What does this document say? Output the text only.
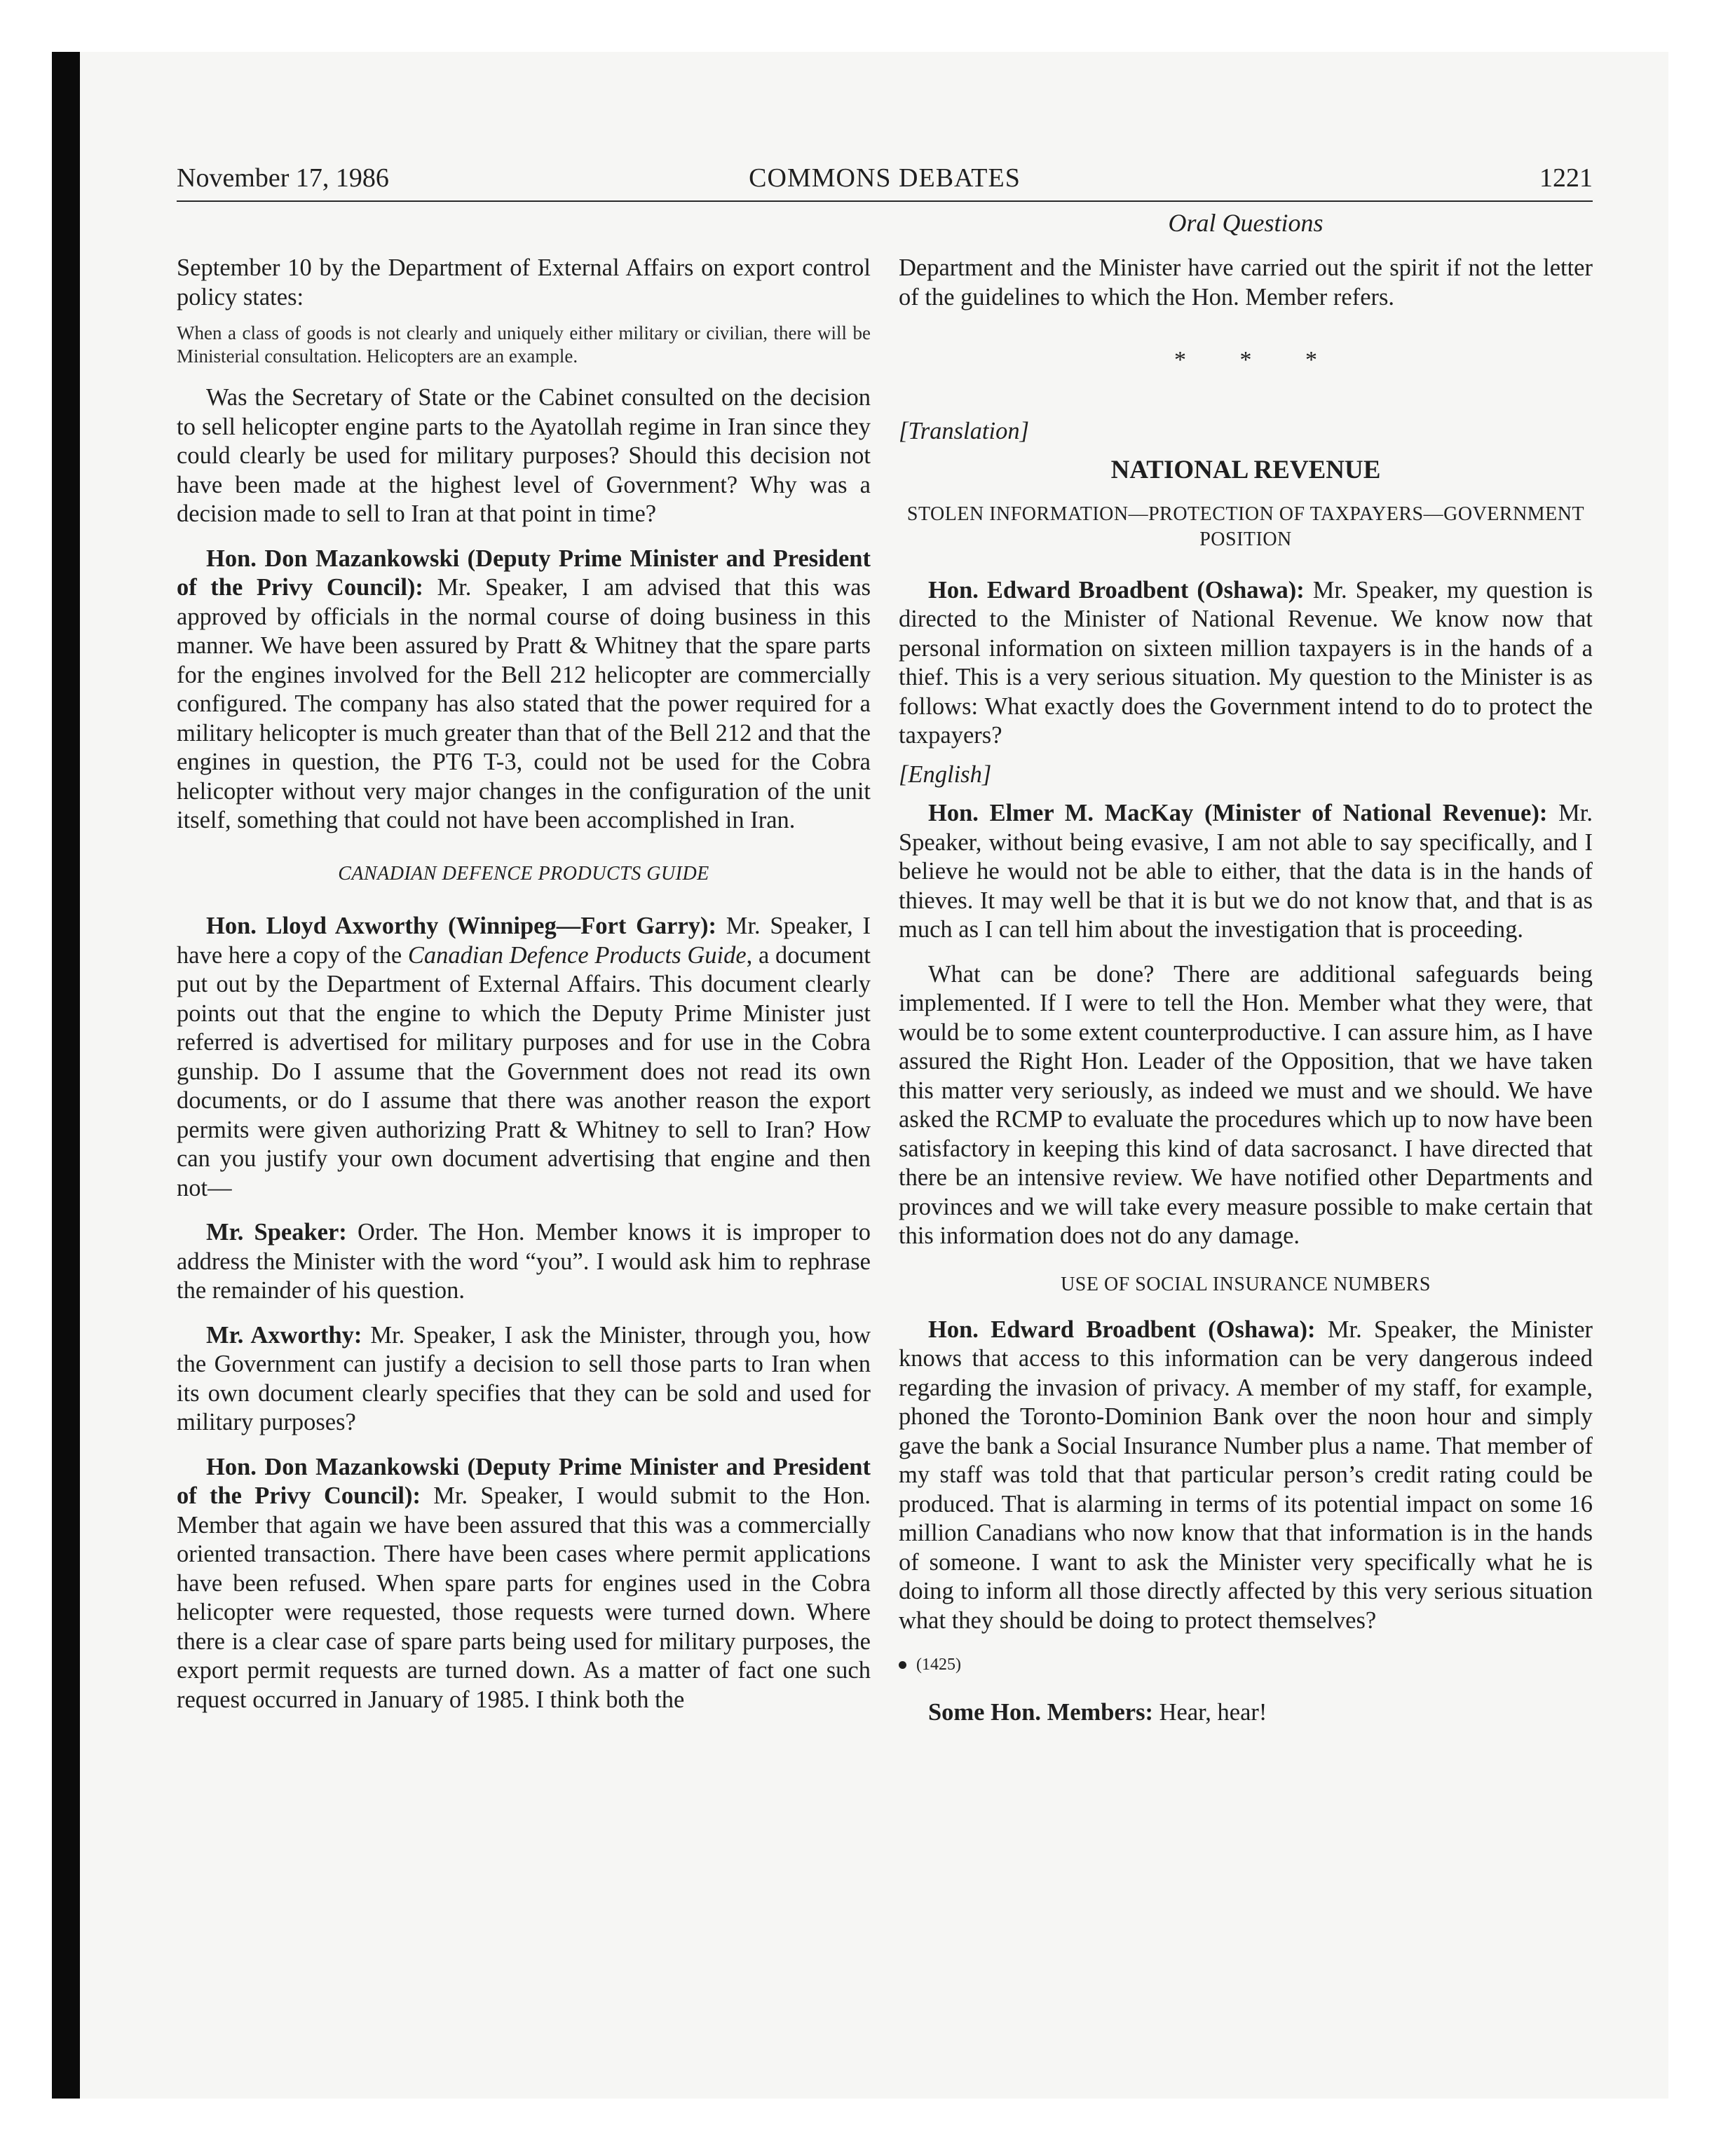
November 17, 1986	COMMONS DEBATES	1221

September 10 by the Department of External Affairs on export control policy states:

When a class of goods is not clearly and uniquely either military or civilian, there will be Ministerial consultation. Helicopters are an example.

Was the Secretary of State or the Cabinet consulted on the decision to sell helicopter engine parts to the Ayatollah regime in Iran since they could clearly be used for military purposes? Should this decision not have been made at the highest level of Government? Why was a decision made to sell to Iran at that point in time?

Hon. Don Mazankowski (Deputy Prime Minister and President of the Privy Council): Mr. Speaker, I am advised that this was approved by officials in the normal course of doing business in this manner. We have been assured by Pratt & Whitney that the spare parts for the engines involved for the Bell 212 helicopter are commercially configured. The company has also stated that the power required for a military helicopter is much greater than that of the Bell 212 and that the engines in question, the PT6 T-3, could not be used for the Cobra helicopter without very major changes in the configuration of the unit itself, something that could not have been accomplished in Iran.

CANADIAN DEFENCE PRODUCTS GUIDE

Hon. Lloyd Axworthy (Winnipeg—Fort Garry): Mr. Speaker, I have here a copy of the Canadian Defence Products Guide, a document put out by the Department of External Affairs. This document clearly points out that the engine to which the Deputy Prime Minister just referred is advertised for military purposes and for use in the Cobra gunship. Do I assume that the Government does not read its own documents, or do I assume that there was another reason the export permits were given authorizing Pratt & Whitney to sell to Iran? How can you justify your own document advertising that engine and then not—

Mr. Speaker: Order. The Hon. Member knows it is improper to address the Minister with the word “you”. I would ask him to rephrase the remainder of his question.

Mr. Axworthy: Mr. Speaker, I ask the Minister, through you, how the Government can justify a decision to sell those parts to Iran when its own document clearly specifies that they can be sold and used for military purposes?

Hon. Don Mazankowski (Deputy Prime Minister and President of the Privy Council): Mr. Speaker, I would submit to the Hon. Member that again we have been assured that this was a commercially oriented transaction. There have been cases where permit applications have been refused. When spare parts for engines used in the Cobra helicopter were requested, those requests were turned down. Where there is a clear case of spare parts being used for military purposes, the export permit requests are turned down. As a matter of fact one such request occurred in January of 1985. I think both the

Oral Questions

Department and the Minister have carried out the spirit if not the letter of the guidelines to which the Hon. Member refers.

* * *

[Translation]

NATIONAL REVENUE
STOLEN INFORMATION—PROTECTION OF TAXPAYERS—GOVERNMENT POSITION

Hon. Edward Broadbent (Oshawa): Mr. Speaker, my question is directed to the Minister of National Revenue. We know now that personal information on sixteen million taxpayers is in the hands of a thief. This is a very serious situation. My question to the Minister is as follows: What exactly does the Government intend to do to protect the taxpayers?

[English]

Hon. Elmer M. MacKay (Minister of National Revenue): Mr. Speaker, without being evasive, I am not able to say specifically, and I believe he would not be able to either, that the data is in the hands of thieves. It may well be that it is but we do not know that, and that is as much as I can tell him about the investigation that is proceeding.

What can be done? There are additional safeguards being implemented. If I were to tell the Hon. Member what they were, that would be to some extent counterproductive. I can assure him, as I have assured the Right Hon. Leader of the Opposition, that we have taken this matter very seriously, as indeed we must and we should. We have asked the RCMP to evaluate the procedures which up to now have been satisfactory in keeping this kind of data sacrosanct. I have directed that there be an intensive review. We have notified other Departments and provinces and we will take every measure possible to make certain that this information does not do any damage.

USE OF SOCIAL INSURANCE NUMBERS

Hon. Edward Broadbent (Oshawa): Mr. Speaker, the Minister knows that access to this information can be very dangerous indeed regarding the invasion of privacy. A member of my staff, for example, phoned the Toronto-Dominion Bank over the noon hour and simply gave the bank a Social Insurance Number plus a name. That member of my staff was told that that particular person’s credit rating could be produced. That is alarming in terms of its potential impact on some 16 million Canadians who now know that that information is in the hands of someone. I want to ask the Minister very specifically what he is doing to inform all those directly affected by this very serious situation what they should be doing to protect themselves?

(1425)

Some Hon. Members: Hear, hear!
